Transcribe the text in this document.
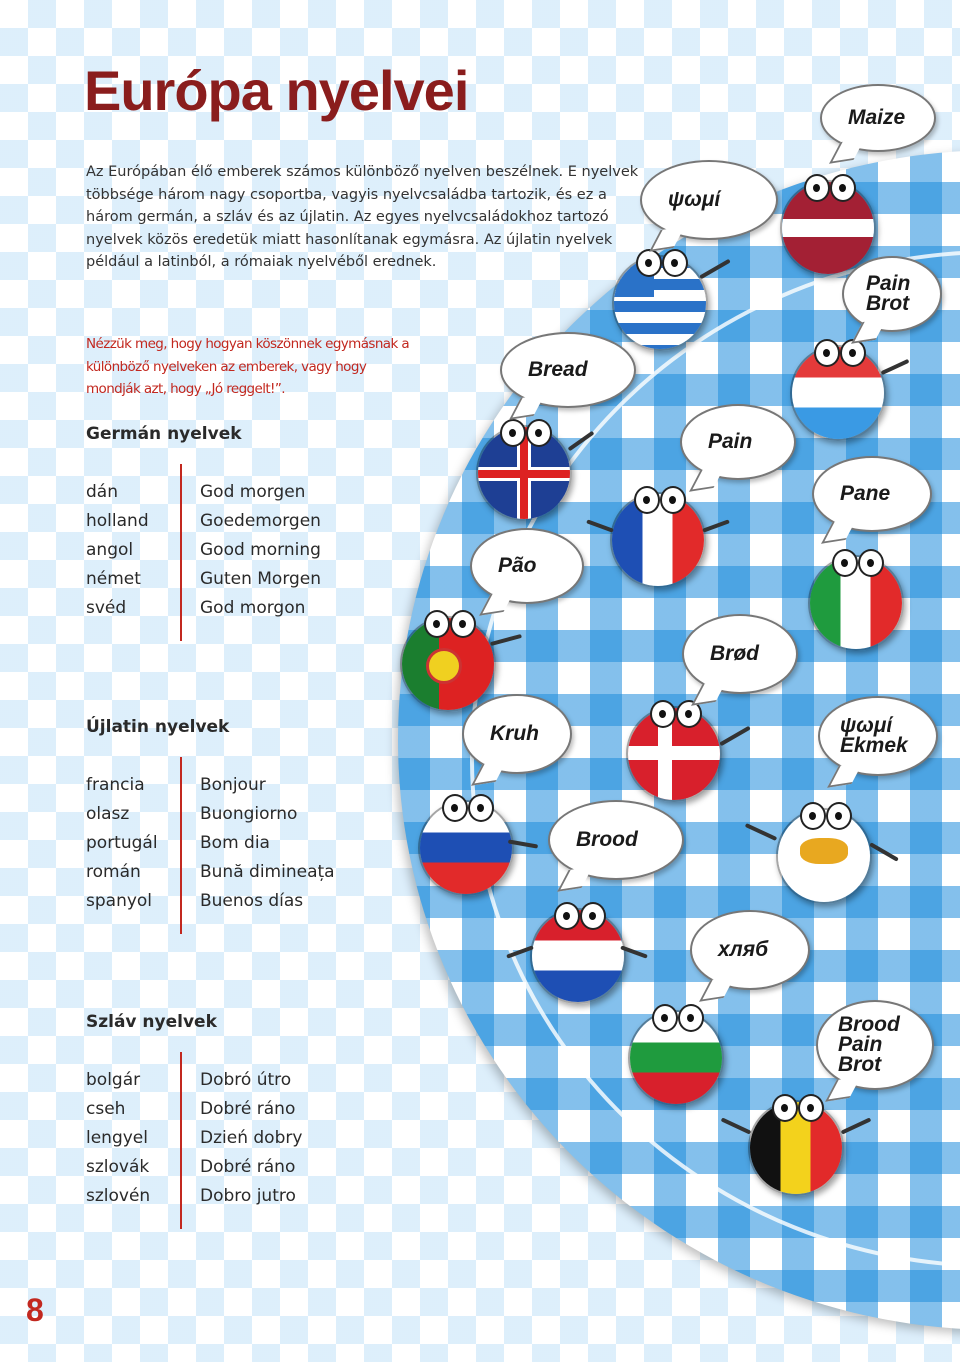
Európa nyelvei

Az Európában élő emberek számos különböző nyelven beszélnek. E nyelvek többsége három nagy csoportba, vagyis nyelvcsaládba tartozik, és ez a három germán, a szláv és az újlatin. Az egyes nyelvcsaládokhoz tartozó nyelvek közös eredetük miatt hasonlítanak egymásra. Az újlatin nyelvek például a latinból, a rómaiak nyelvéből erednek.

Nézzük meg, hogy hogyan köszönnek egymásnak a különböző nyelveken az emberek, vagy hogy mondják azt, hogy „Jó reggelt!”.

Germán nyelvek
dán	God morgen
holland	Goedemorgen
angol	Good morning
német	Guten Morgen
svéd	God morgon
Újlatin nyelvek
francia	Bonjour
olasz	Buongiorno
portugál Bom dia
román	Bună dimineața
spanyol	Buenos días
Szláv nyelvek
bolgár	Dobró útro
cseh	Dobré ráno
lengyel	Dzień dobry
szlovák	Dobré ráno
szlovén	Dobro jutro
8
Maize
ψωμί
Pain
Brot
Bread
Pain
Pane
Pão
Brød
Kruh	ψωμί
Ekmek
Brood
хляб
Brood
Pain
Brot
